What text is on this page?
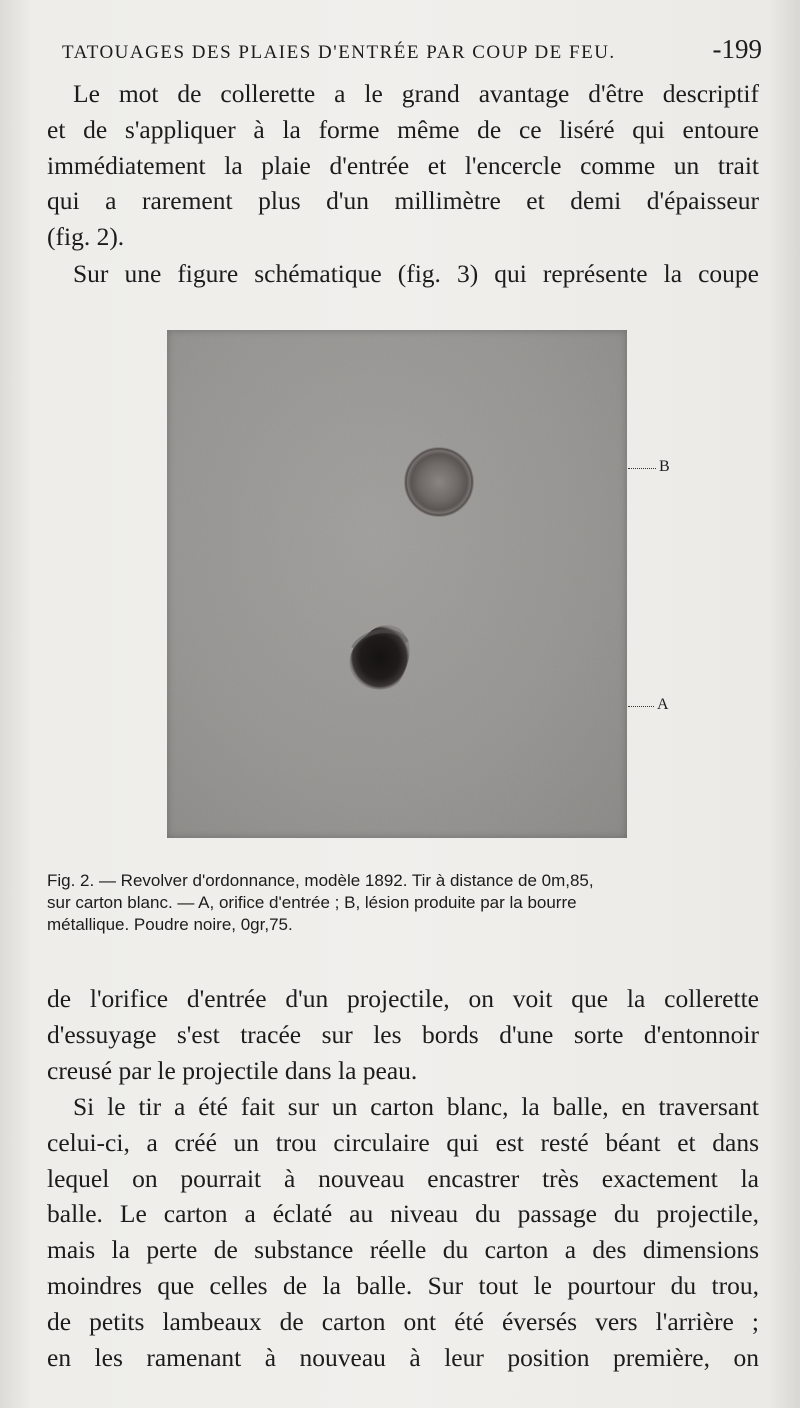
TATOUAGES DES PLAIES D'ENTRÉE PAR COUP DE FEU.	-199
Le mot de collerette a le grand avantage d'être descriptif
et de s'appliquer à la forme même de ce liséré qui entoure
immédiatement la plaie d'entrée et l'encercle comme un trait
qui a rarement plus d'un millimètre et demi d'épaisseur
(fig. 2).
Sur une figure schématique (fig. 3) qui représente la coupe
B
A
Fig. 2. — Revolver d'ordonnance, modèle 1892. Tir à distance de 0m,85,
sur carton blanc. — A, orifice d'entrée ; B, lésion produite par la bourre
métallique. Poudre noire, 0gr,75.
de l'orifice d'entrée d'un projectile, on voit que la collerette
d'essuyage s'est tracée sur les bords d'une sorte d'entonnoir
creusé par le projectile dans la peau.
Si le tir a été fait sur un carton blanc, la balle, en traversant
celui-ci, a créé un trou circulaire qui est resté béant et dans
lequel on pourrait à nouveau encastrer très exactement la
balle. Le carton a éclaté au niveau du passage du projectile,
mais la perte de substance réelle du carton a des dimensions
moindres que celles de la balle. Sur tout le pourtour du trou,
de petits lambeaux de carton ont été éversés vers l'arrière ;
en les ramenant à nouveau à leur position première, on
